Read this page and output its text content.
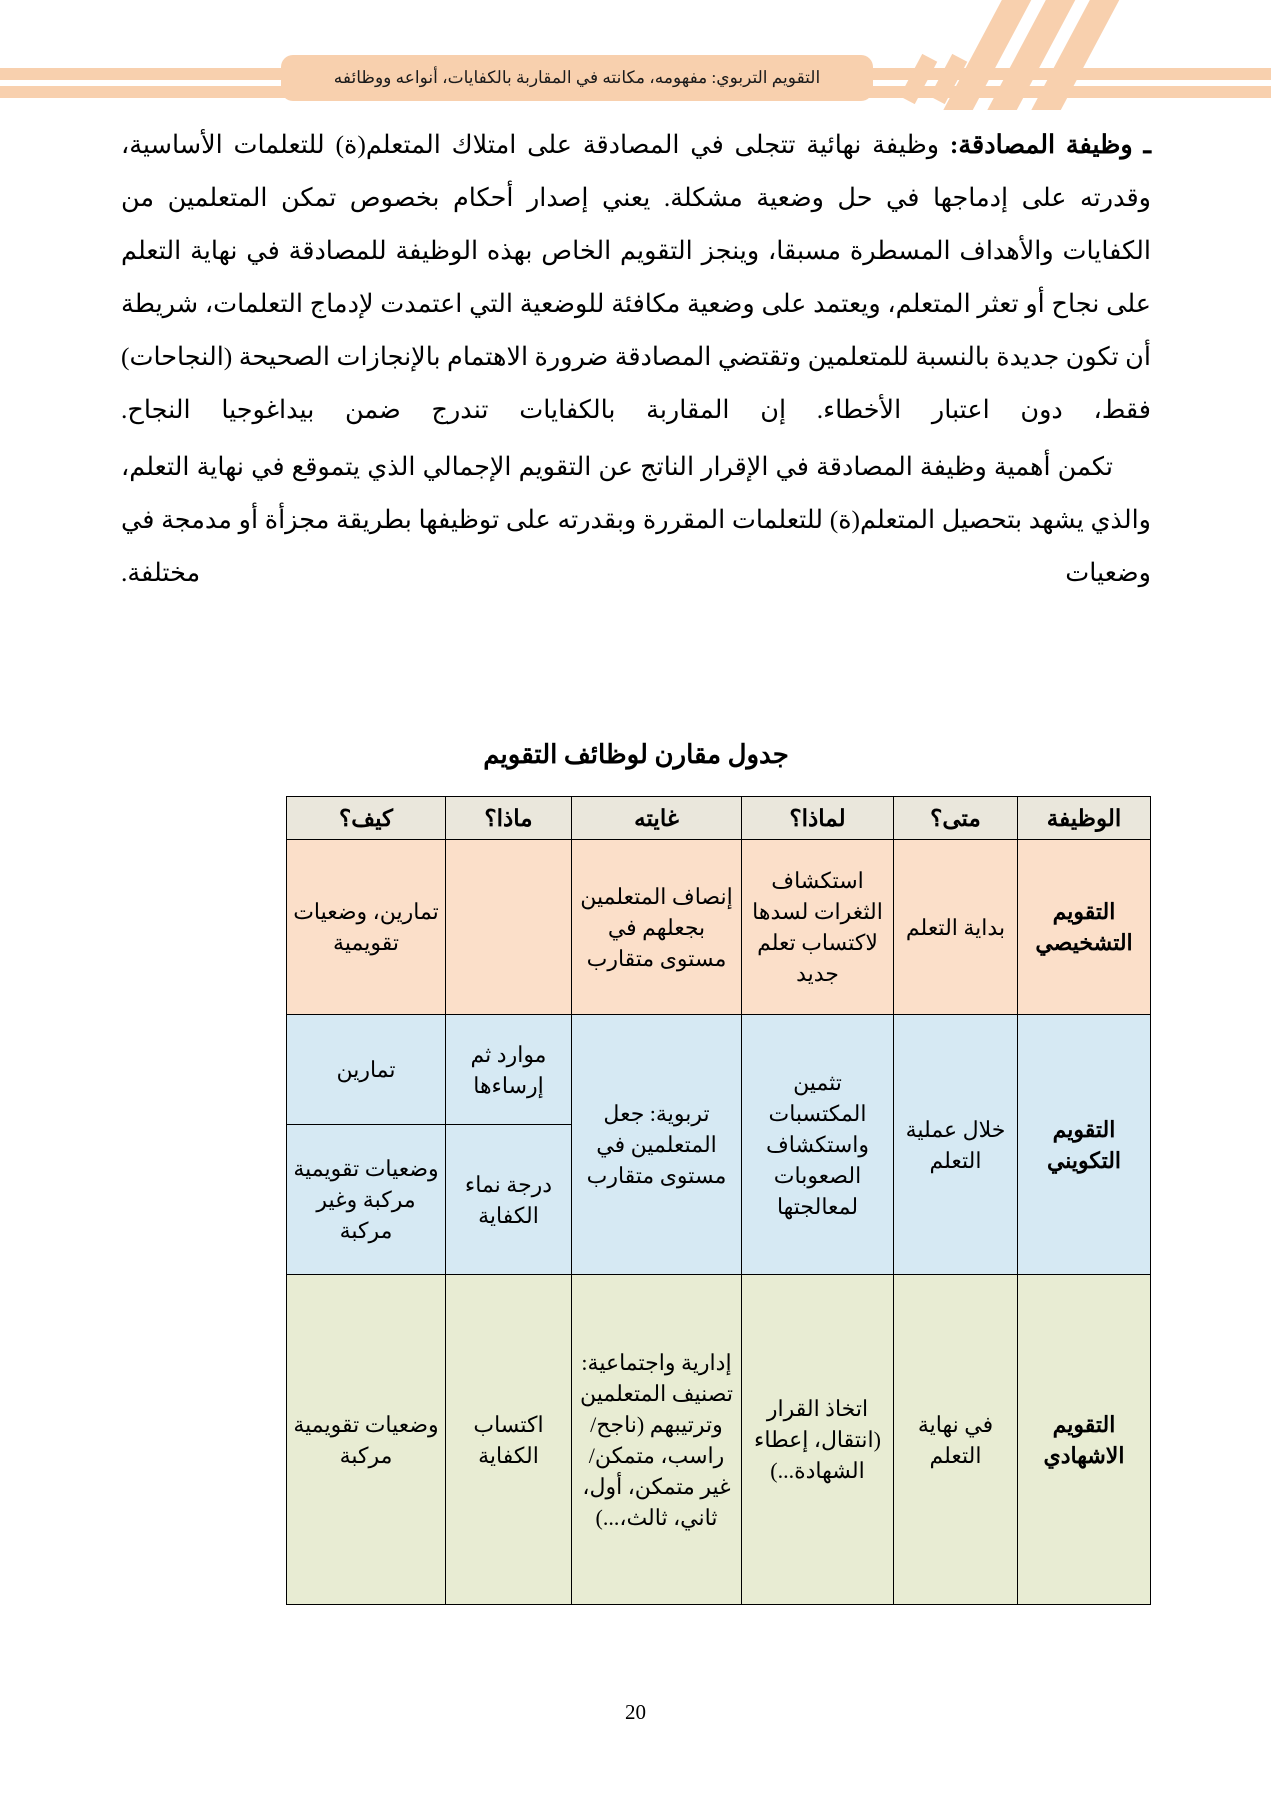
التقويم التربوي: مفهومه، مكانته في المقاربة بالكفايات، أنواعه ووظائفه

ـ وظيفة المصادقة: وظيفة نهائية تتجلى في المصادقة على امتلاك المتعلم(ة) للتعلمات الأساسية، وقدرته على إدماجها في حل وضعية مشكلة. يعني إصدار أحكام بخصوص تمكن المتعلمين من الكفايات والأهداف المسطرة مسبقا، وينجز التقويم الخاص بهذه الوظيفة للمصادقة في نهاية التعلم على نجاح أو تعثر المتعلم، ويعتمد على وضعية مكافئة للوضعية التي اعتمدت لإدماج التعلمات، شريطة أن تكون جديدة بالنسبة للمتعلمين وتقتضي المصادقة ضرورة الاهتمام بالإنجازات الصحيحة (النجاحات) فقط، دون اعتبار الأخطاء. إن المقاربة بالكفايات تندرج ضمن بيداغوجيا النجاح.

تكمن أهمية وظيفة المصادقة في الإقرار الناتج عن التقويم الإجمالي الذي يتموقع في نهاية التعلم، والذي يشهد بتحصيل المتعلم(ة) للتعلمات المقررة وبقدرته على توظيفها بطريقة مجزأة أو مدمجة في وضعيات مختلفة.

جدول مقارن لوظائف التقويم
الوظيفة	متى؟	لماذا؟	غايته	ماذا؟	كيف؟
التقويم التشخيصي	بداية التعلم	استكشاف الثغرات لسدها لاكتساب تعلم جديد	إنصاف المتعلمين بجعلهم في مستوى متقارب		تمارين، وضعيات تقويمية
التقويم التكويني	خلال عملية التعلم	تثمين المكتسبات واستكشاف الصعوبات لمعالجتها	تربوية: جعل المتعلمين في مستوى متقارب	موارد ثم إرساءها	تمارين
				درجة نماء الكفاية	وضعيات تقويمية مركبة وغير مركبة
التقويم الاشهادي	في نهاية التعلم	اتخاذ القرار (انتقال، إعطاء الشهادة...)	إدارية واجتماعية: تصنيف المتعلمين وترتيبهم (ناجح/راسب، متمكن/غير متمكن، أول، ثاني، ثالث،...)	اكتساب الكفاية	وضعيات تقويمية مركبة
20
